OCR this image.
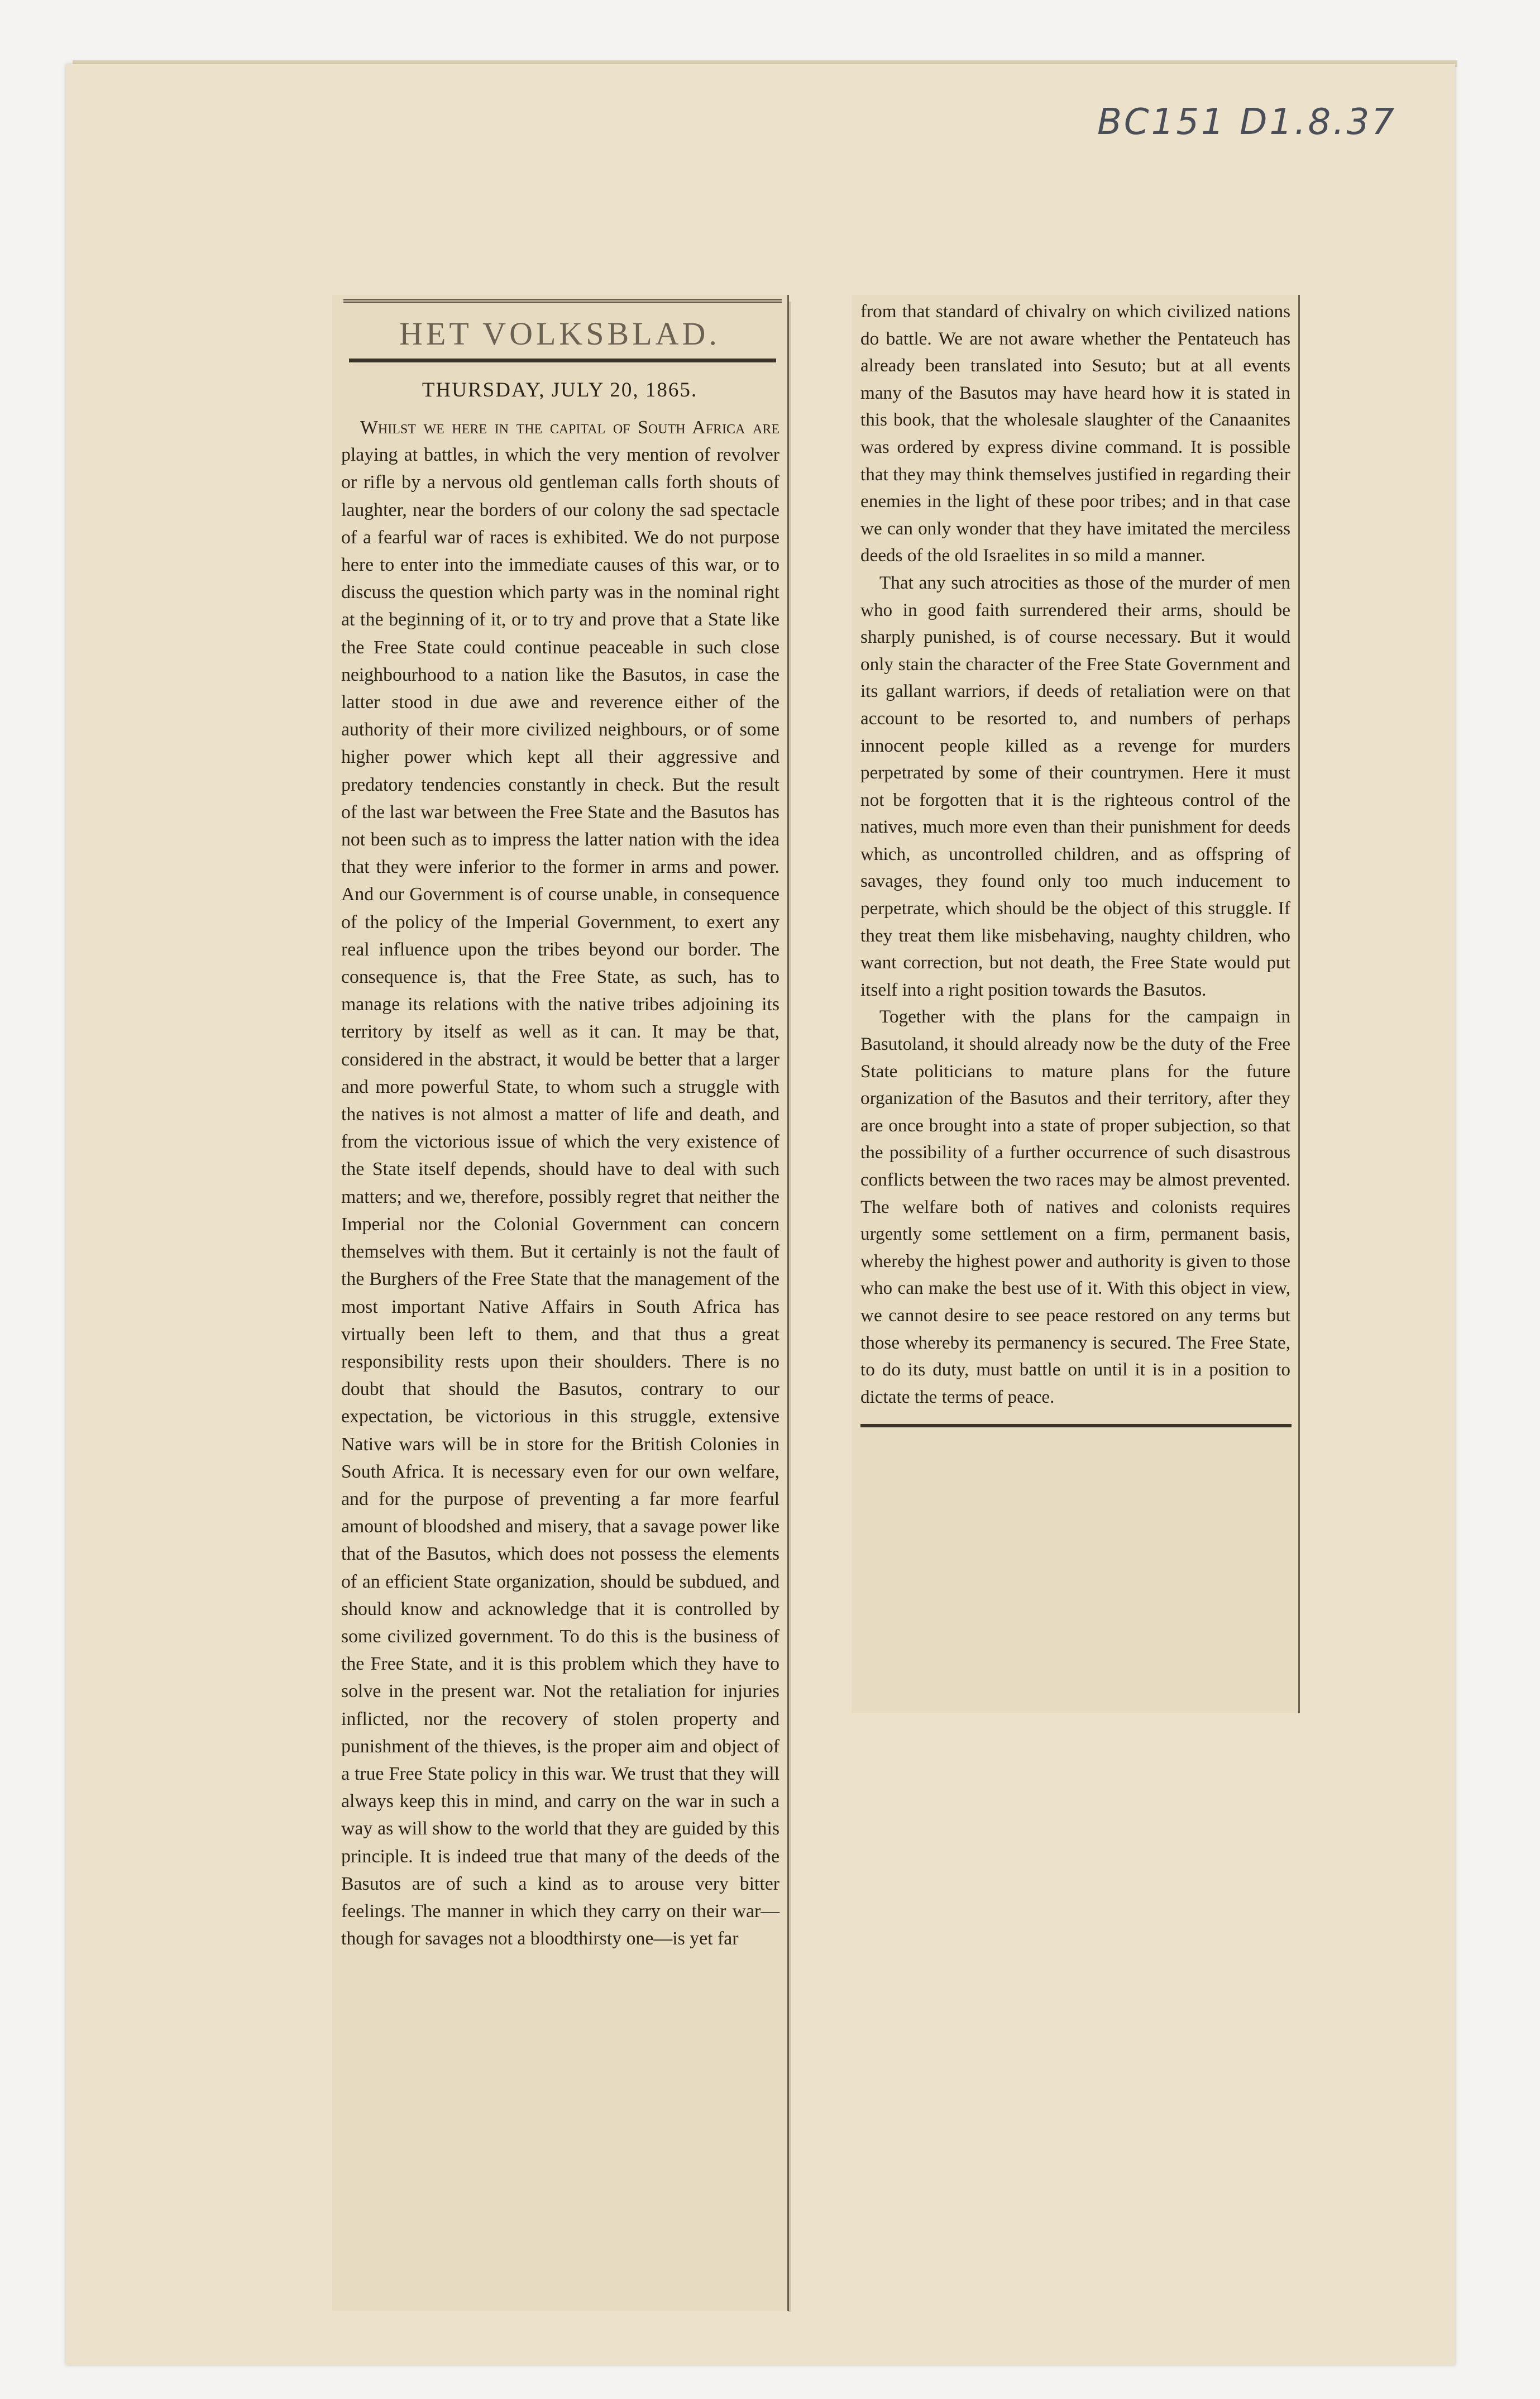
BC151 D1.8.37
HET VOLKSBLAD.
THURSDAY, JULY 20, 1865.

Whilst we here in the capital of South Africa are playing at battles, in which the very mention of revolver or rifle by a nervous old gentleman calls forth shouts of laughter, near the borders of our colony the sad spectacle of a fearful war of races is exhibited. We do not purpose here to enter into the immediate causes of this war, or to discuss the question which party was in the nominal right at the beginning of it, or to try and prove that a State like the Free State could continue peaceable in such close neighbourhood to a nation like the Basutos, in case the latter stood in due awe and reverence either of the authority of their more civilized neighbours, or of some higher power which kept all their aggressive and predatory tendencies constantly in check. But the result of the last war between the Free State and the Basutos has not been such as to impress the latter nation with the idea that they were inferior to the former in arms and power. And our Government is of course unable, in consequence of the policy of the Imperial Government, to exert any real influence upon the tribes beyond our border. The consequence is, that the Free State, as such, has to manage its relations with the native tribes adjoining its territory by itself as well as it can. It may be that, considered in the abstract, it would be better that a larger and more powerful State, to whom such a struggle with the natives is not almost a matter of life and death, and from the victorious issue of which the very existence of the State itself depends, should have to deal with such matters; and we, therefore, possibly regret that neither the Imperial nor the Colonial Government can concern themselves with them. But it certainly is not the fault of the Burghers of the Free State that the management of the most important Native Affairs in South Africa has virtually been left to them, and that thus a great responsibility rests upon their shoulders. There is no doubt that should the Basutos, contrary to our expectation, be victorious in this struggle, extensive Native wars will be in store for the British Colonies in South Africa. It is necessary even for our own welfare, and for the purpose of preventing a far more fearful amount of bloodshed and misery, that a savage power like that of the Basutos, which does not possess the elements of an efficient State organization, should be subdued, and should know and acknowledge that it is controlled by some civilized government. To do this is the business of the Free State, and it is this problem which they have to solve in the present war. Not the retaliation for injuries inflicted, nor the recovery of stolen property and punishment of the thieves, is the proper aim and object of a true Free State policy in this war. We trust that they will always keep this in mind, and carry on the war in such a way as will show to the world that they are guided by this principle. It is indeed true that many of the deeds of the Basutos are of such a kind as to arouse very bitter feelings. The manner in which they carry on their war—though for savages not a bloodthirsty one—is yet far

from that standard of chivalry on which civilized nations do battle. We are not aware whether the Pentateuch has already been translated into Sesuto; but at all events many of the Basutos may have heard how it is stated in this book, that the wholesale slaughter of the Canaanites was ordered by express divine command. It is possible that they may think themselves justified in regarding their enemies in the light of these poor tribes; and in that case we can only wonder that they have imitated the merciless deeds of the old Israelites in so mild a manner.

That any such atrocities as those of the murder of men who in good faith surrendered their arms, should be sharply punished, is of course necessary. But it would only stain the character of the Free State Government and its gallant warriors, if deeds of retaliation were on that account to be resorted to, and numbers of perhaps innocent people killed as a revenge for murders perpetrated by some of their countrymen. Here it must not be forgotten that it is the righteous control of the natives, much more even than their punishment for deeds which, as uncontrolled children, and as offspring of savages, they found only too much inducement to perpetrate, which should be the object of this struggle. If they treat them like misbehaving, naughty children, who want correction, but not death, the Free State would put itself into a right position towards the Basutos.

Together with the plans for the campaign in Basutoland, it should already now be the duty of the Free State politicians to mature plans for the future organization of the Basutos and their territory, after they are once brought into a state of proper subjection, so that the possibility of a further occurrence of such disastrous conflicts between the two races may be almost prevented. The welfare both of natives and colonists requires urgently some settlement on a firm, permanent basis, whereby the highest power and authority is given to those who can make the best use of it. With this object in view, we cannot desire to see peace restored on any terms but those whereby its permanency is secured. The Free State, to do its duty, must battle on until it is in a position to dictate the terms of peace.
